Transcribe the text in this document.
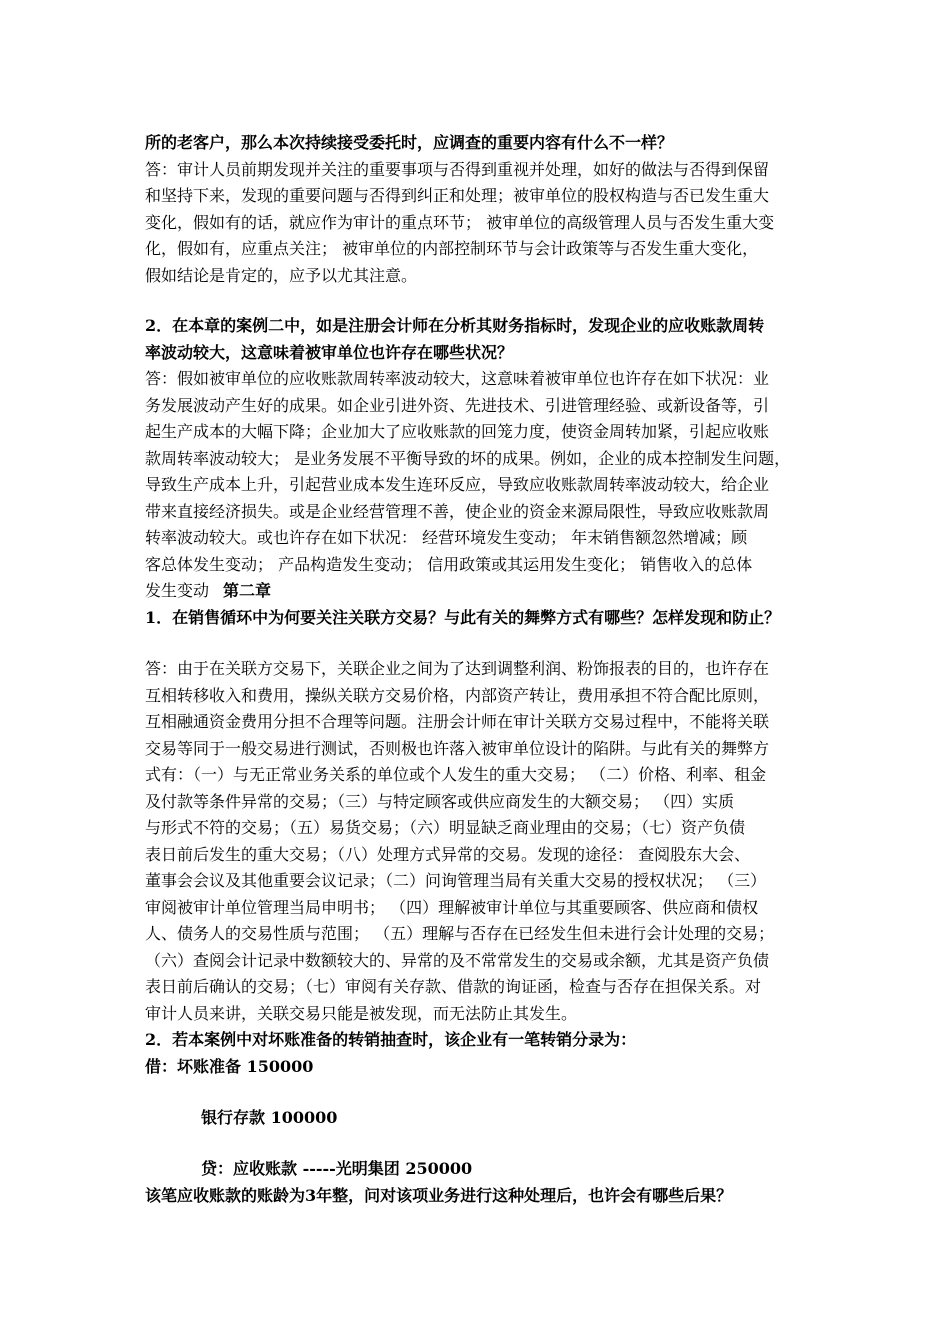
所的老客户，那么本次持续接受委托时，应调查的重要内容有什么不一样？
答：审计人员前期发现并关注的重要事项与否得到重视并处理，如好的做法与否得到保留
和坚持下来，发现的重要问题与否得到纠正和处理；被审单位的股权构造与否已发生重大
变化，假如有的话，就应作为审计的重点环节； 被审单位的高级管理人员与否发生重大变
化，假如有，应重点关注； 被审单位的内部控制环节与会计政策等与否发生重大变化，
假如结论是肯定的，应予以尤其注意。
2．在本章的案例二中，如是注册会计师在分析其财务指标时，发现企业的应收账款周转
率波动较大，这意味着被审单位也许存在哪些状况？
答：假如被审单位的应收账款周转率波动较大，这意味着被审单位也许存在如下状况：业
务发展波动产生好的成果。如企业引进外资、先进技术、引进管理经验、或新设备等，引
起生产成本的大幅下降；企业加大了应收账款的回笼力度，使资金周转加紧，引起应收账
款周转率波动较大； 是业务发展不平衡导致的坏的成果。例如，企业的成本控制发生问题，
导致生产成本上升，引起营业成本发生连环反应，导致应收账款周转率波动较大，给企业
带来直接经济损失。或是企业经营管理不善，使企业的资金来源局限性，导致应收账款周
转率波动较大。或也许存在如下状况： 经营环境发生变动； 年末销售额忽然增减；顾
客总体发生变动； 产品构造发生变动； 信用政策或其运用发生变化； 销售收入的总体
发生变动 第二章
1．在销售循环中为何要关注关联方交易？与此有关的舞弊方式有哪些？怎样发现和防止？
答：由于在关联方交易下，关联企业之间为了达到调整利润、粉饰报表的目的，也许存在
互相转移收入和费用，操纵关联方交易价格，内部资产转让，费用承担不符合配比原则，
互相融通资金费用分担不合理等问题。注册会计师在审计关联方交易过程中，不能将关联
交易等同于一般交易进行测试，否则极也许落入被审单位设计的陷阱。与此有关的舞弊方
式有：（一）与无正常业务关系的单位或个人发生的重大交易； （二）价格、利率、租金
及付款等条件异常的交易；（三）与特定顾客或供应商发生的大额交易； （四）实质
与形式不符的交易；（五）易货交易；（六）明显缺乏商业理由的交易；（七）资产负债
表日前后发生的重大交易；（八）处理方式异常的交易。发现的途径： 查阅股东大会、
董事会会议及其他重要会议记录；（二）问询管理当局有关重大交易的授权状况； （三）
审阅被审计单位管理当局申明书； （四）理解被审计单位与其重要顾客、供应商和债权
人、债务人的交易性质与范围； （五）理解与否存在已经发生但未进行会计处理的交易；
（六）查阅会计记录中数额较大的、异常的及不常常发生的交易或余额，尤其是资产负债
表日前后确认的交易；（七）审阅有关存款、借款的询证函，检查与否存在担保关系。对
审计人员来讲，关联交易只能是被发现，而无法防止其发生。
2．若本案例中对坏账准备的转销抽查时，该企业有一笔转销分录为：
借：坏账准备 150000
银行存款 100000
贷：应收账款 -----光明集团 250000
该笔应收账款的账龄为3年整，问对该项业务进行这种处理后，也许会有哪些后果？
